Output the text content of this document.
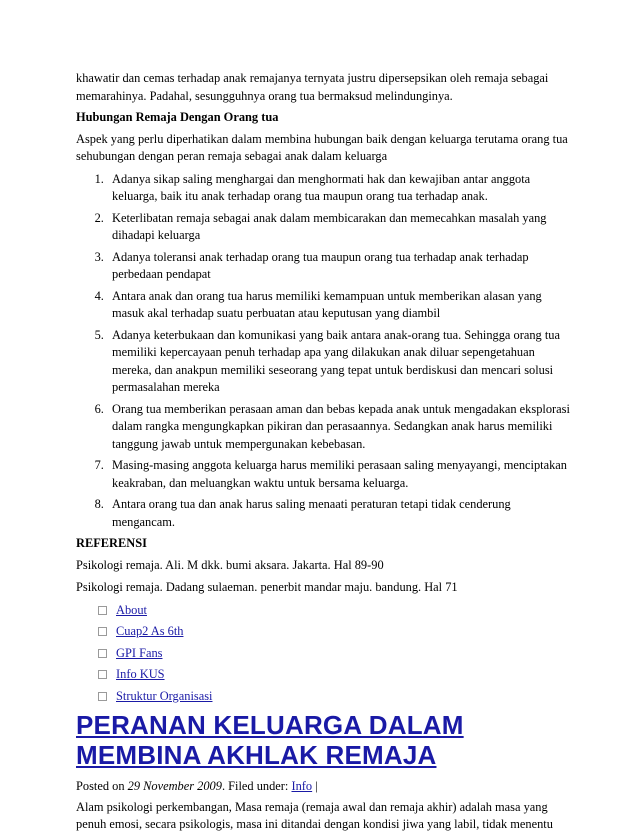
khawatir dan cemas terhadap anak remajanya ternyata justru dipersepsikan oleh remaja sebagai memarahinya. Padahal, sesungguhnya orang tua bermaksud melindunginya.

Hubungan Remaja Dengan Orang tua

Aspek yang perlu diperhatikan dalam membina hubungan baik dengan keluarga terutama orang tua sehubungan dengan peran remaja sebagai anak dalam keluarga

1. Adanya sikap saling menghargai dan menghormati hak dan kewajiban antar anggota keluarga, baik itu anak terhadap orang tua maupun orang tua terhadap anak.
2. Keterlibatan remaja sebagai anak dalam membicarakan dan memecahkan masalah yang dihadapi keluarga
3. Adanya toleransi anak terhadap orang tua maupun orang tua terhadap anak terhadap perbedaan pendapat
4. Antara anak dan orang tua harus memiliki kemampuan untuk memberikan alasan yang masuk akal terhadap suatu perbuatan atau keputusan yang diambil
5. Adanya keterbukaan dan komunikasi yang baik antara anak-orang tua. Sehingga orang tua memiliki kepercayaan penuh terhadap apa yang dilakukan anak diluar sepengetahuan mereka, dan anakpun memiliki seseorang yang tepat untuk berdiskusi dan mencari solusi permasalahan mereka
6. Orang tua memberikan perasaan aman dan bebas kepada anak untuk mengadakan eksplorasi dalam rangka mengungkapkan pikiran dan perasaannya. Sedangkan anak harus memiliki tanggung jawab untuk mempergunakan kebebasan.
7. Masing-masing anggota keluarga harus memiliki perasaan saling menyayangi, menciptakan keakraban, dan meluangkan waktu untuk bersama keluarga.
8. Antara orang tua dan anak harus saling menaati peraturan tetapi tidak cenderung mengancam.

REFERENSI

Psikologi remaja. Ali. M dkk. bumi aksara. Jakarta. Hal 89-90

Psikologi remaja. Dadang sulaeman. penerbit mandar maju. bandung. Hal 71

About
Cuap2 As 6th
GPI Fans
Info KUS
Struktur Organisasi
PERANAN KELUARGA DALAM MEMBINA AKHLAK REMAJA

Posted on 29 November 2009. Filed under: Info |

Alam psikologi perkembangan, Masa remaja (remaja awal dan remaja akhir) adalah masa yang penuh emosi, secara psikologis, masa ini ditandai dengan kondisi jiwa yang labil, tidak menentu
